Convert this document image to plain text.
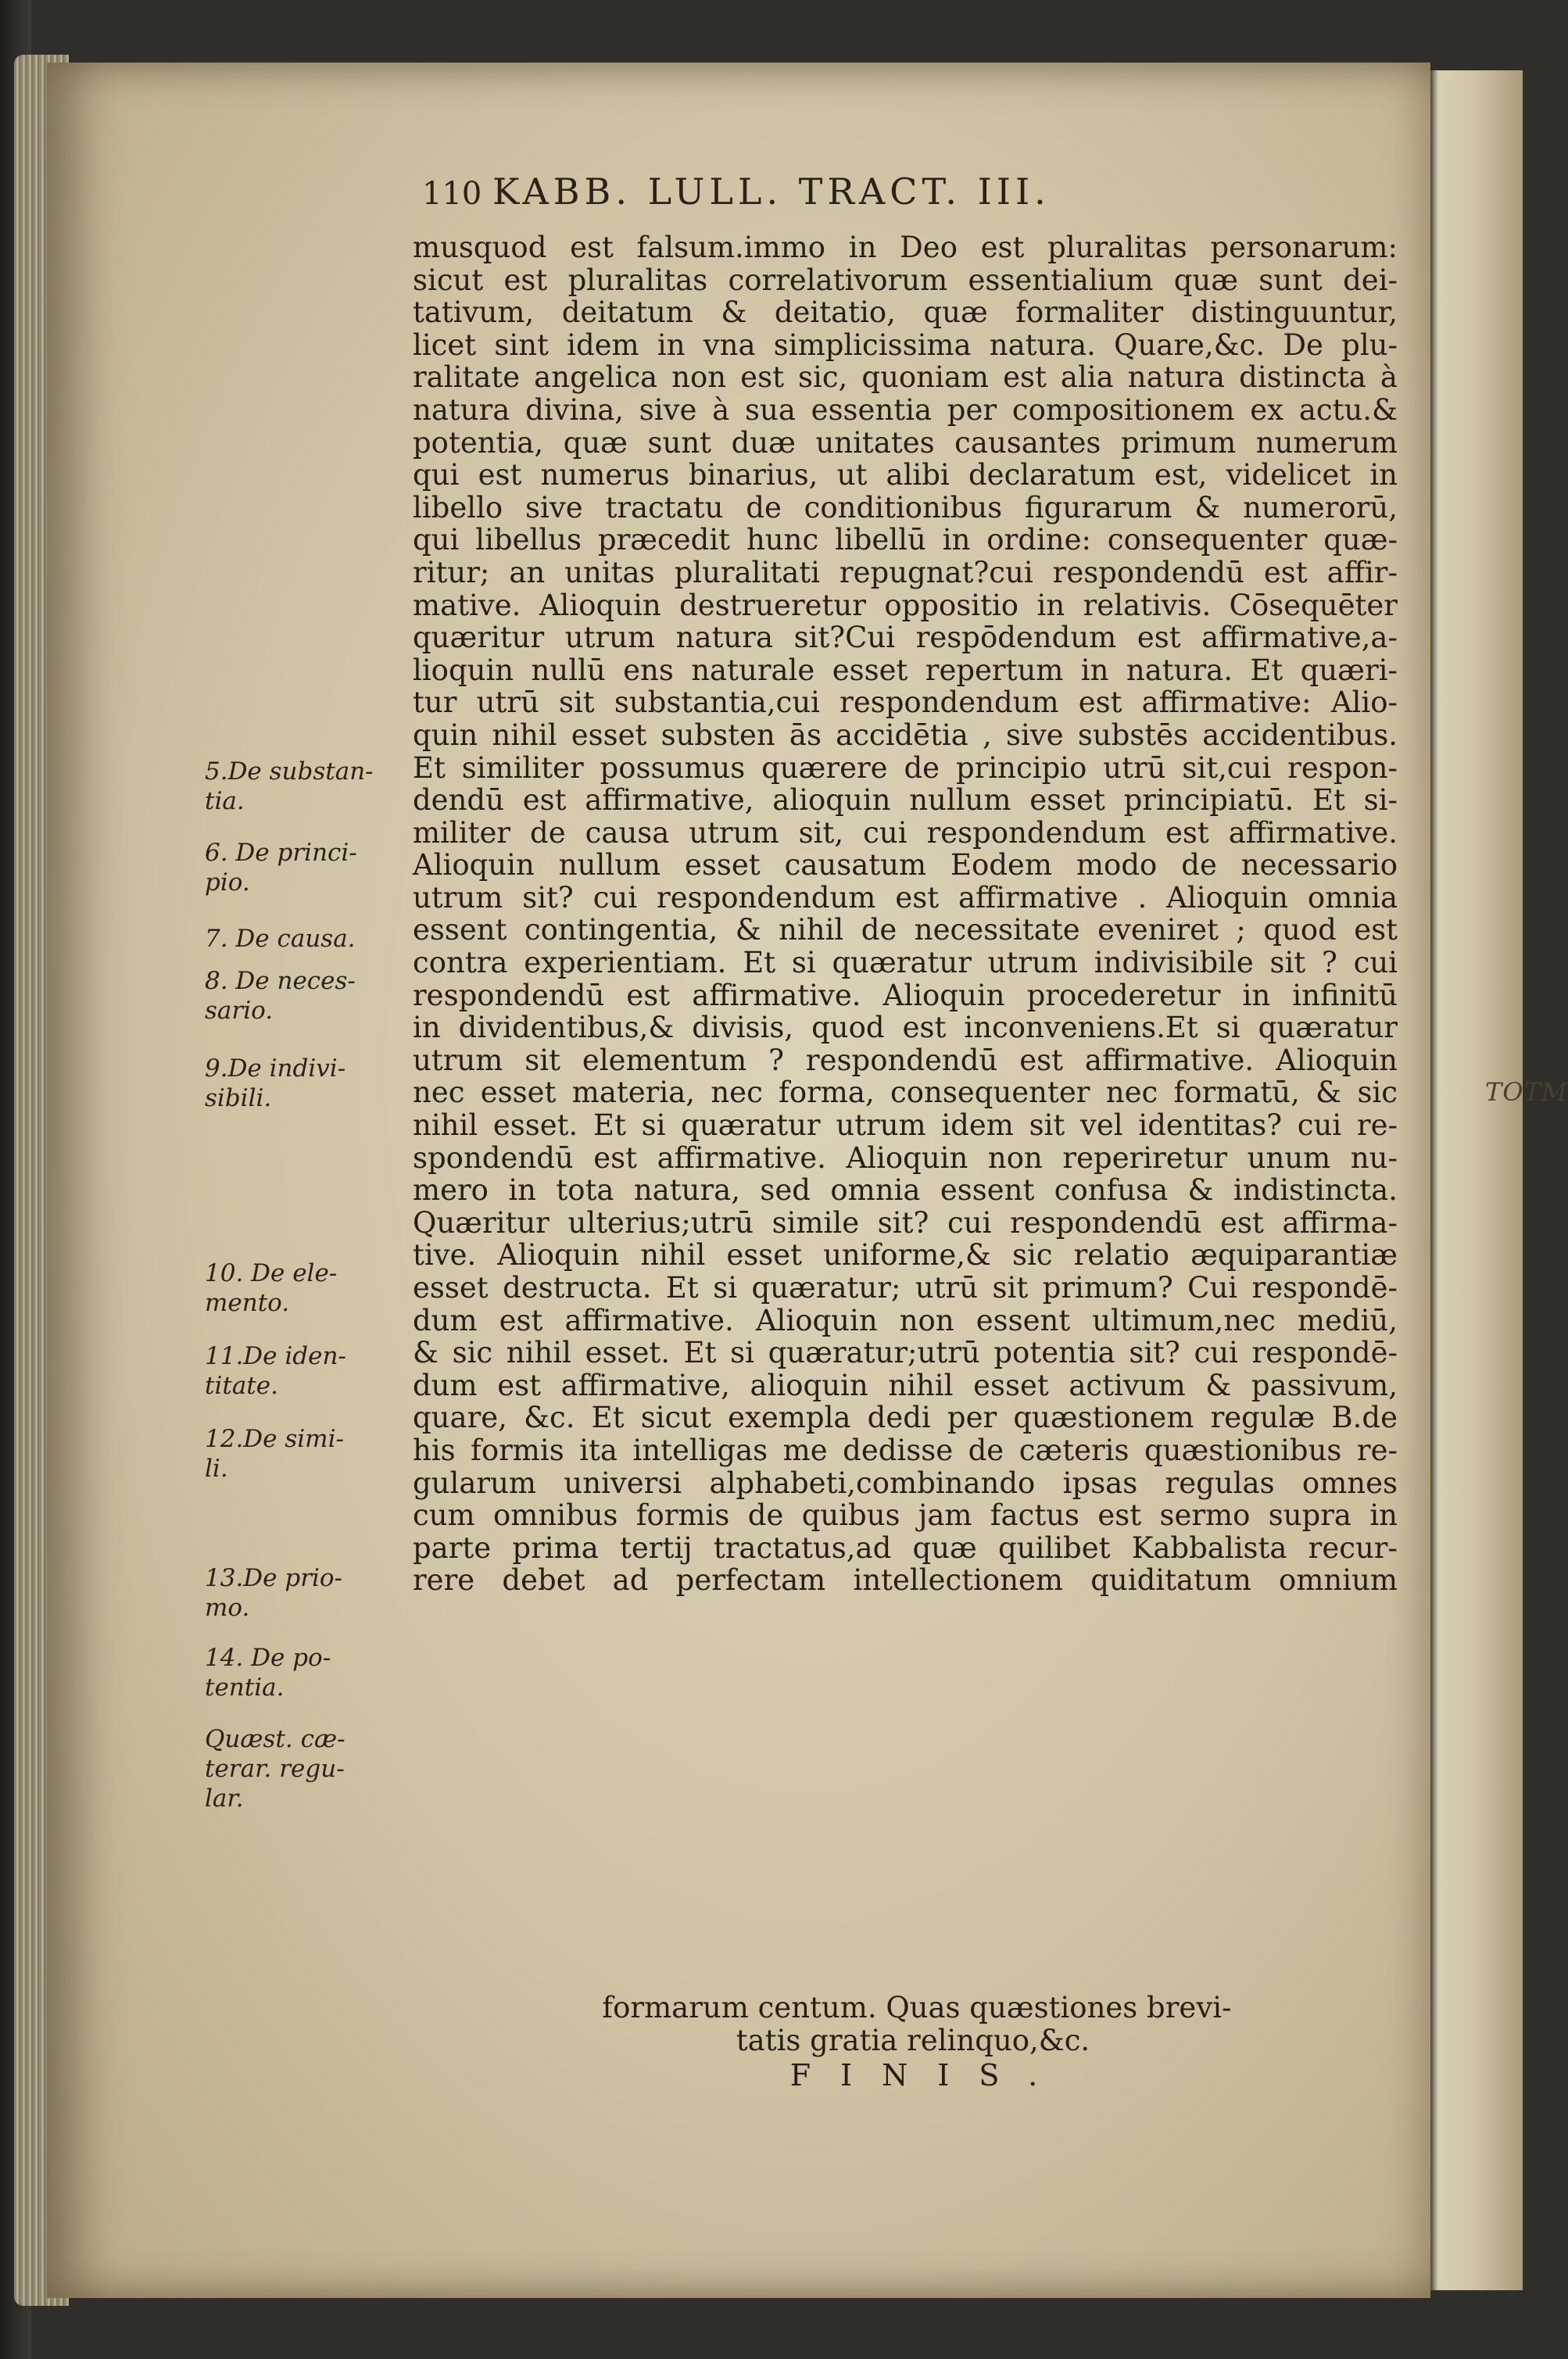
TOTM
110 KABB. LULL. TRACT. III.
musquod est falsum.immo in Deo est pluralitas personarum:
sicut est pluralitas correlativorum essentialium quæ sunt dei-
tativum, deitatum & deitatio, quæ formaliter distinguuntur,
licet sint idem in vna simplicissima natura. Quare,&c. De plu-
ralitate angelica non est sic, quoniam est alia natura distincta à
natura divina, sive à sua essentia per compositionem ex actu.&
potentia, quæ sunt duæ unitates causantes primum numerum
qui est numerus binarius, ut alibi declaratum est, videlicet in
libello sive tractatu de conditionibus figurarum & numerorū,
qui libellus præcedit hunc libellū in ordine: consequenter quæ-
ritur; an unitas pluralitati repugnat?cui respondendū est affir-
mative. Alioquin destrueretur oppositio in relativis. Cōsequēter
quæritur utrum natura sit?Cui respōdendum est affirmative,a-
lioquin nullū ens naturale esset repertum in natura. Et quæri-
tur utrū sit substantia,cui respondendum est affirmative: Alio-
quin nihil esset substen ās accidētia , sive substēs accidentibus.
Et similiter possumus quærere de principio utrū sit,cui respon-
dendū est affirmative, alioquin nullum esset principiatū. Et si-
militer de causa utrum sit, cui respondendum est affirmative.
Alioquin nullum esset causatum Eodem modo de necessario
utrum sit? cui respondendum est affirmative . Alioquin omnia
essent contingentia, & nihil de necessitate eveniret ; quod est
contra experientiam. Et si quæratur utrum indivisibile sit ? cui
respondendū est affirmative. Alioquin procederetur in infinitū
in dividentibus,& divisis, quod est inconveniens.Et si quæratur
utrum sit elementum ? respondendū est affirmative. Alioquin
nec esset materia, nec forma, consequenter nec formatū, & sic
nihil esset. Et si quæratur utrum idem sit vel identitas? cui re-
spondendū est affirmative. Alioquin non reperiretur unum nu-
mero in tota natura, sed omnia essent confusa & indistincta.
Quæritur ulterius;utrū simile sit? cui respondendū est affirma-
tive. Alioquin nihil esset uniforme,& sic relatio æquiparantiæ
esset destructa. Et si quæratur; utrū sit primum? Cui respondē-
dum est affirmative. Alioquin non essent ultimum,nec mediū,
& sic nihil esset. Et si quæratur;utrū potentia sit? cui respondē-
dum est affirmative, alioquin nihil esset activum & passivum,
quare, &c. Et sicut exempla dedi per quæstionem regulæ B.de
his formis ita intelligas me dedisse de cæteris quæstionibus re-
gularum universi alphabeti,combinando ipsas regulas omnes
cum omnibus formis de quibus jam factus est sermo supra in
parte prima tertij tractatus,ad quæ quilibet Kabbalista recur-
rere debet ad perfectam intellectionem quiditatum omnium
formarum centum. Quas quæstiones brevi-
tatis gratia relinquo,&c.
FINIS.
5.De substan-
tia.
6. De princi-
pio.
7. De causa.
8. De neces-
sario.
9.De indivi-
sibili.
10. De ele-
mento.
11.De iden-
titate.
12.De simi-
li.
13.De prio-
mo.
14. De po-
tentia.
Quæst. cæ-
terar. regu-
lar.
